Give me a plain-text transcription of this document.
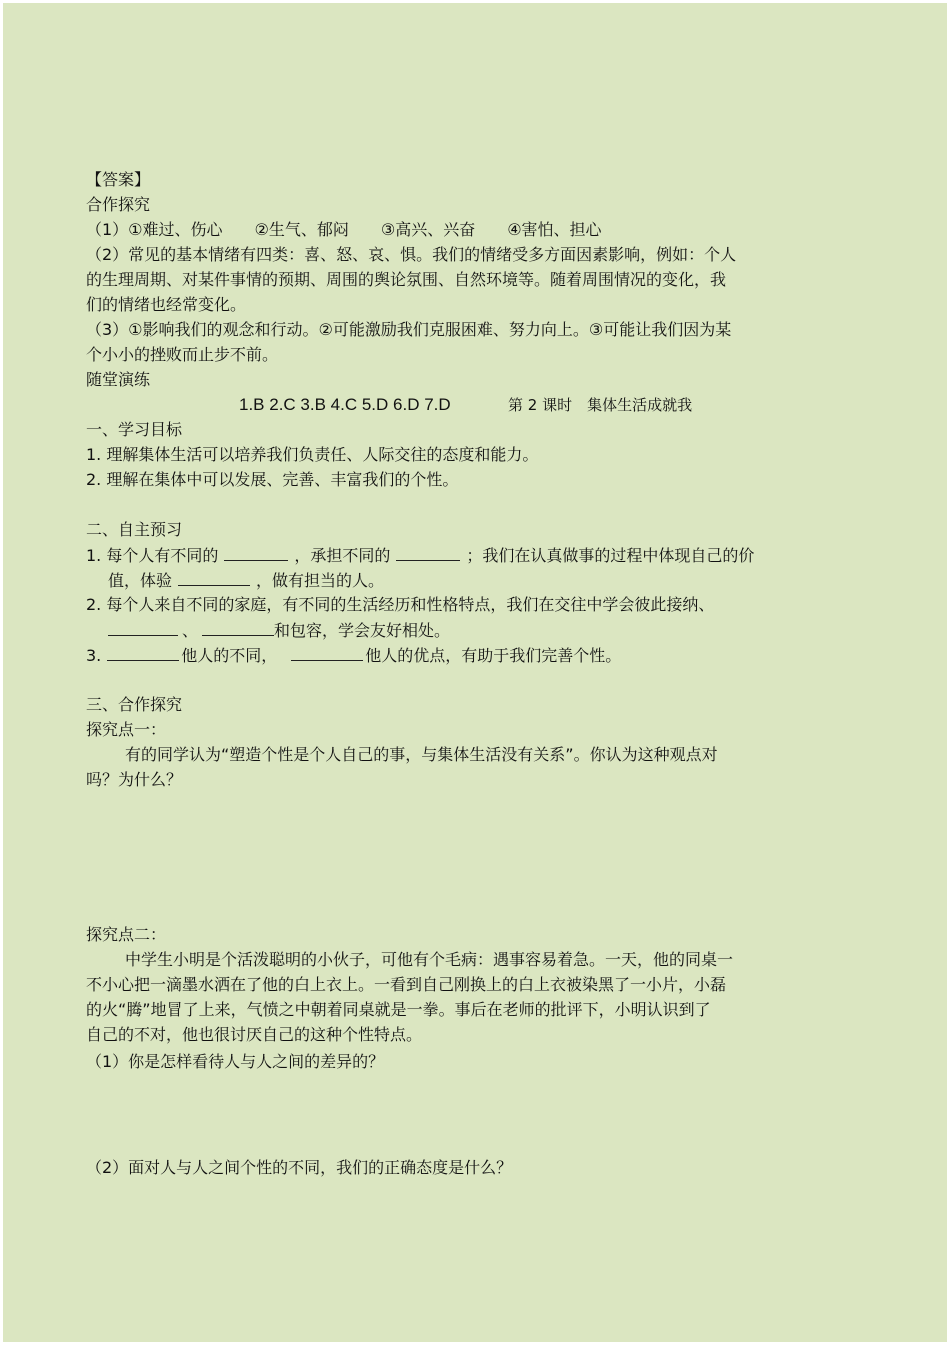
【答案】
合作探究
（1）①难过、伤心　　②生气、郁闷　　③高兴、兴奋　　④害怕、担心
（2）常见的基本情绪有四类：喜、怒、哀、惧。我们的情绪受多方面因素影响，例如：个人
的生理周期、对某件事情的预期、周围的舆论氛围、自然环境等。随着周围情况的变化，我
们的情绪也经常变化。
（3）①影响我们的观念和行动。②可能激励我们克服困难、努力向上。③可能让我们因为某
个小小的挫败而止步不前。
随堂演练
1.B 2.C 3.B 4.C 5.D 6.D 7.D	第 2 课时　集体生活成就我
一、学习目标
1. 理解集体生活可以培养我们负责任、人际交往的态度和能力。
2. 理解在集体中可以发展、完善、丰富我们的个性。
二、自主预习
1. 每个人有不同的	，承担不同的	；我们在认真做事的过程中体现自己的价
值，体验	，做有担当的人。
2. 每个人来自不同的家庭，有不同的生活经历和性格特点，我们在交往中学会彼此接纳、
、	和包容，学会友好相处。
3.	他人的不同，	他人的优点，有助于我们完善个性。
三、合作探究
探究点一：
有的同学认为“塑造个性是个人自己的事，与集体生活没有关系”。你认为这种观点对
吗？为什么？
探究点二：
中学生小明是个活泼聪明的小伙子，可他有个毛病：遇事容易着急。一天，他的同桌一
不小心把一滴墨水洒在了他的白上衣上。一看到自己刚换上的白上衣被染黑了一小片，小磊
的火“腾”地冒了上来，气愤之中朝着同桌就是一拳。事后在老师的批评下，小明认识到了
自己的不对，他也很讨厌自己的这种个性特点。
（1）你是怎样看待人与人之间的差异的？
（2）面对人与人之间个性的不同，我们的正确态度是什么？
